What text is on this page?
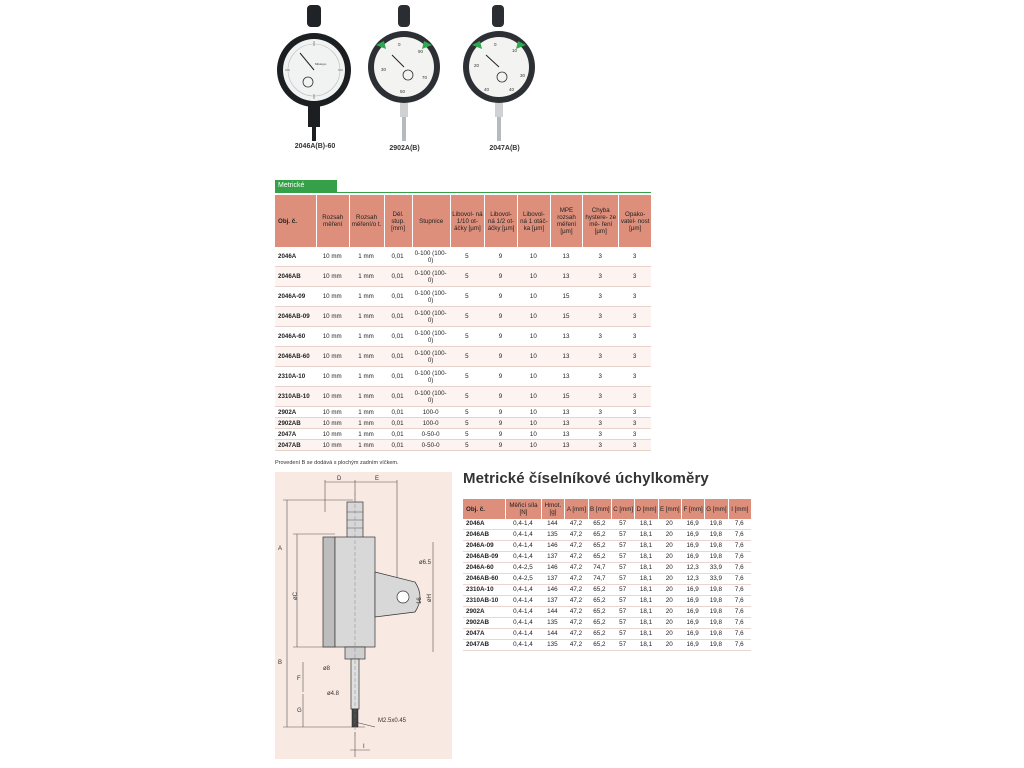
Mitutoyo
2046A(B)-60
0
90
30
70
50
2902A(B)
0
10
20
30
40	40
2047A(B)
Metrické
Obj. č.	Rozsah měření	Rozsah měření/o t.	Děl. stup. [mm]	Stupnice	Libovol- ná 1/10 ot- áčky [µm]	Libovol- ná 1/2 ot- áčky [µm]	Libovol- ná 1 otáč- ka [µm]	MPE rozsah měření [µm]	Chyba hystere- ze mě- ření [µm]	Opako- vatel- nost [µm]
2046A	10 mm	1 mm	0,01	0-100 (100-0)	5	9	10	13	3	3
2046AB	10 mm	1 mm	0,01	0-100 (100-0)	5	9	10	13	3	3
2046A-09	10 mm	1 mm	0,01	0-100 (100-0)	5	9	10	15	3	3
2046AB-09	10 mm	1 mm	0,01	0-100 (100-0)	5	9	10	15	3	3
2046A-60	10 mm	1 mm	0,01	0-100 (100-0)	5	9	10	13	3	3
2046AB-60	10 mm	1 mm	0,01	0-100 (100-0)	5	9	10	13	3	3
2310A-10	10 mm	1 mm	0,01	0-100 (100-0)	5	9	10	13	3	3
2310AB-10	10 mm	1 mm	0,01	0-100 (100-0)	5	9	10	15	3	3
2902A	10 mm	1 mm	0,01	100-0	5	9	10	13	3	3
2902AB	10 mm	1 mm	0,01	100-0	5	9	10	13	3	3
2047A	10 mm	1 mm	0,01	0-50-0	5	9	10	13	3	3
2047AB	10 mm	1 mm	0,01	0-50-0	5	9	10	13	3	3
Provedení B se dodává s plochým zadním víčkem.
D	E
A
B
øC
ø6.5
øH
16
ø8
F
ø4.8
G
M2.5x0.45
I
Metrické číselníkové úchylkoměry
Obj. č.	Měřicí síla [N]	Hmot. [g]	A [mm]	B [mm]	C [mm]	D [mm]	E [mm]	F [mm]	G [mm]	I [mm]
2046A	0,4-1,4	144	47,2	65,2	57	18,1	20	16,9	19,8	7,6
2046AB	0,4-1,4	135	47,2	65,2	57	18,1	20	16,9	19,8	7,6
2046A-09	0,4-1,4	146	47,2	65,2	57	18,1	20	16,9	19,8	7,6
2046AB-09	0,4-1,4	137	47,2	65,2	57	18,1	20	16,9	19,8	7,6
2046A-60	0,4-2,5	146	47,2	74,7	57	18,1	20	12,3	33,9	7,6
2046AB-60	0,4-2,5	137	47,2	74,7	57	18,1	20	12,3	33,9	7,6
2310A-10	0,4-1,4	146	47,2	65,2	57	18,1	20	16,9	19,8	7,6
2310AB-10	0,4-1,4	137	47,2	65,2	57	18,1	20	16,9	19,8	7,6
2902A	0,4-1,4	144	47,2	65,2	57	18,1	20	16,9	19,8	7,6
2902AB	0,4-1,4	135	47,2	65,2	57	18,1	20	16,9	19,8	7,6
2047A	0,4-1,4	144	47,2	65,2	57	18,1	20	16,9	19,8	7,6
2047AB	0,4-1,4	135	47,2	65,2	57	18,1	20	16,9	19,8	7,6
